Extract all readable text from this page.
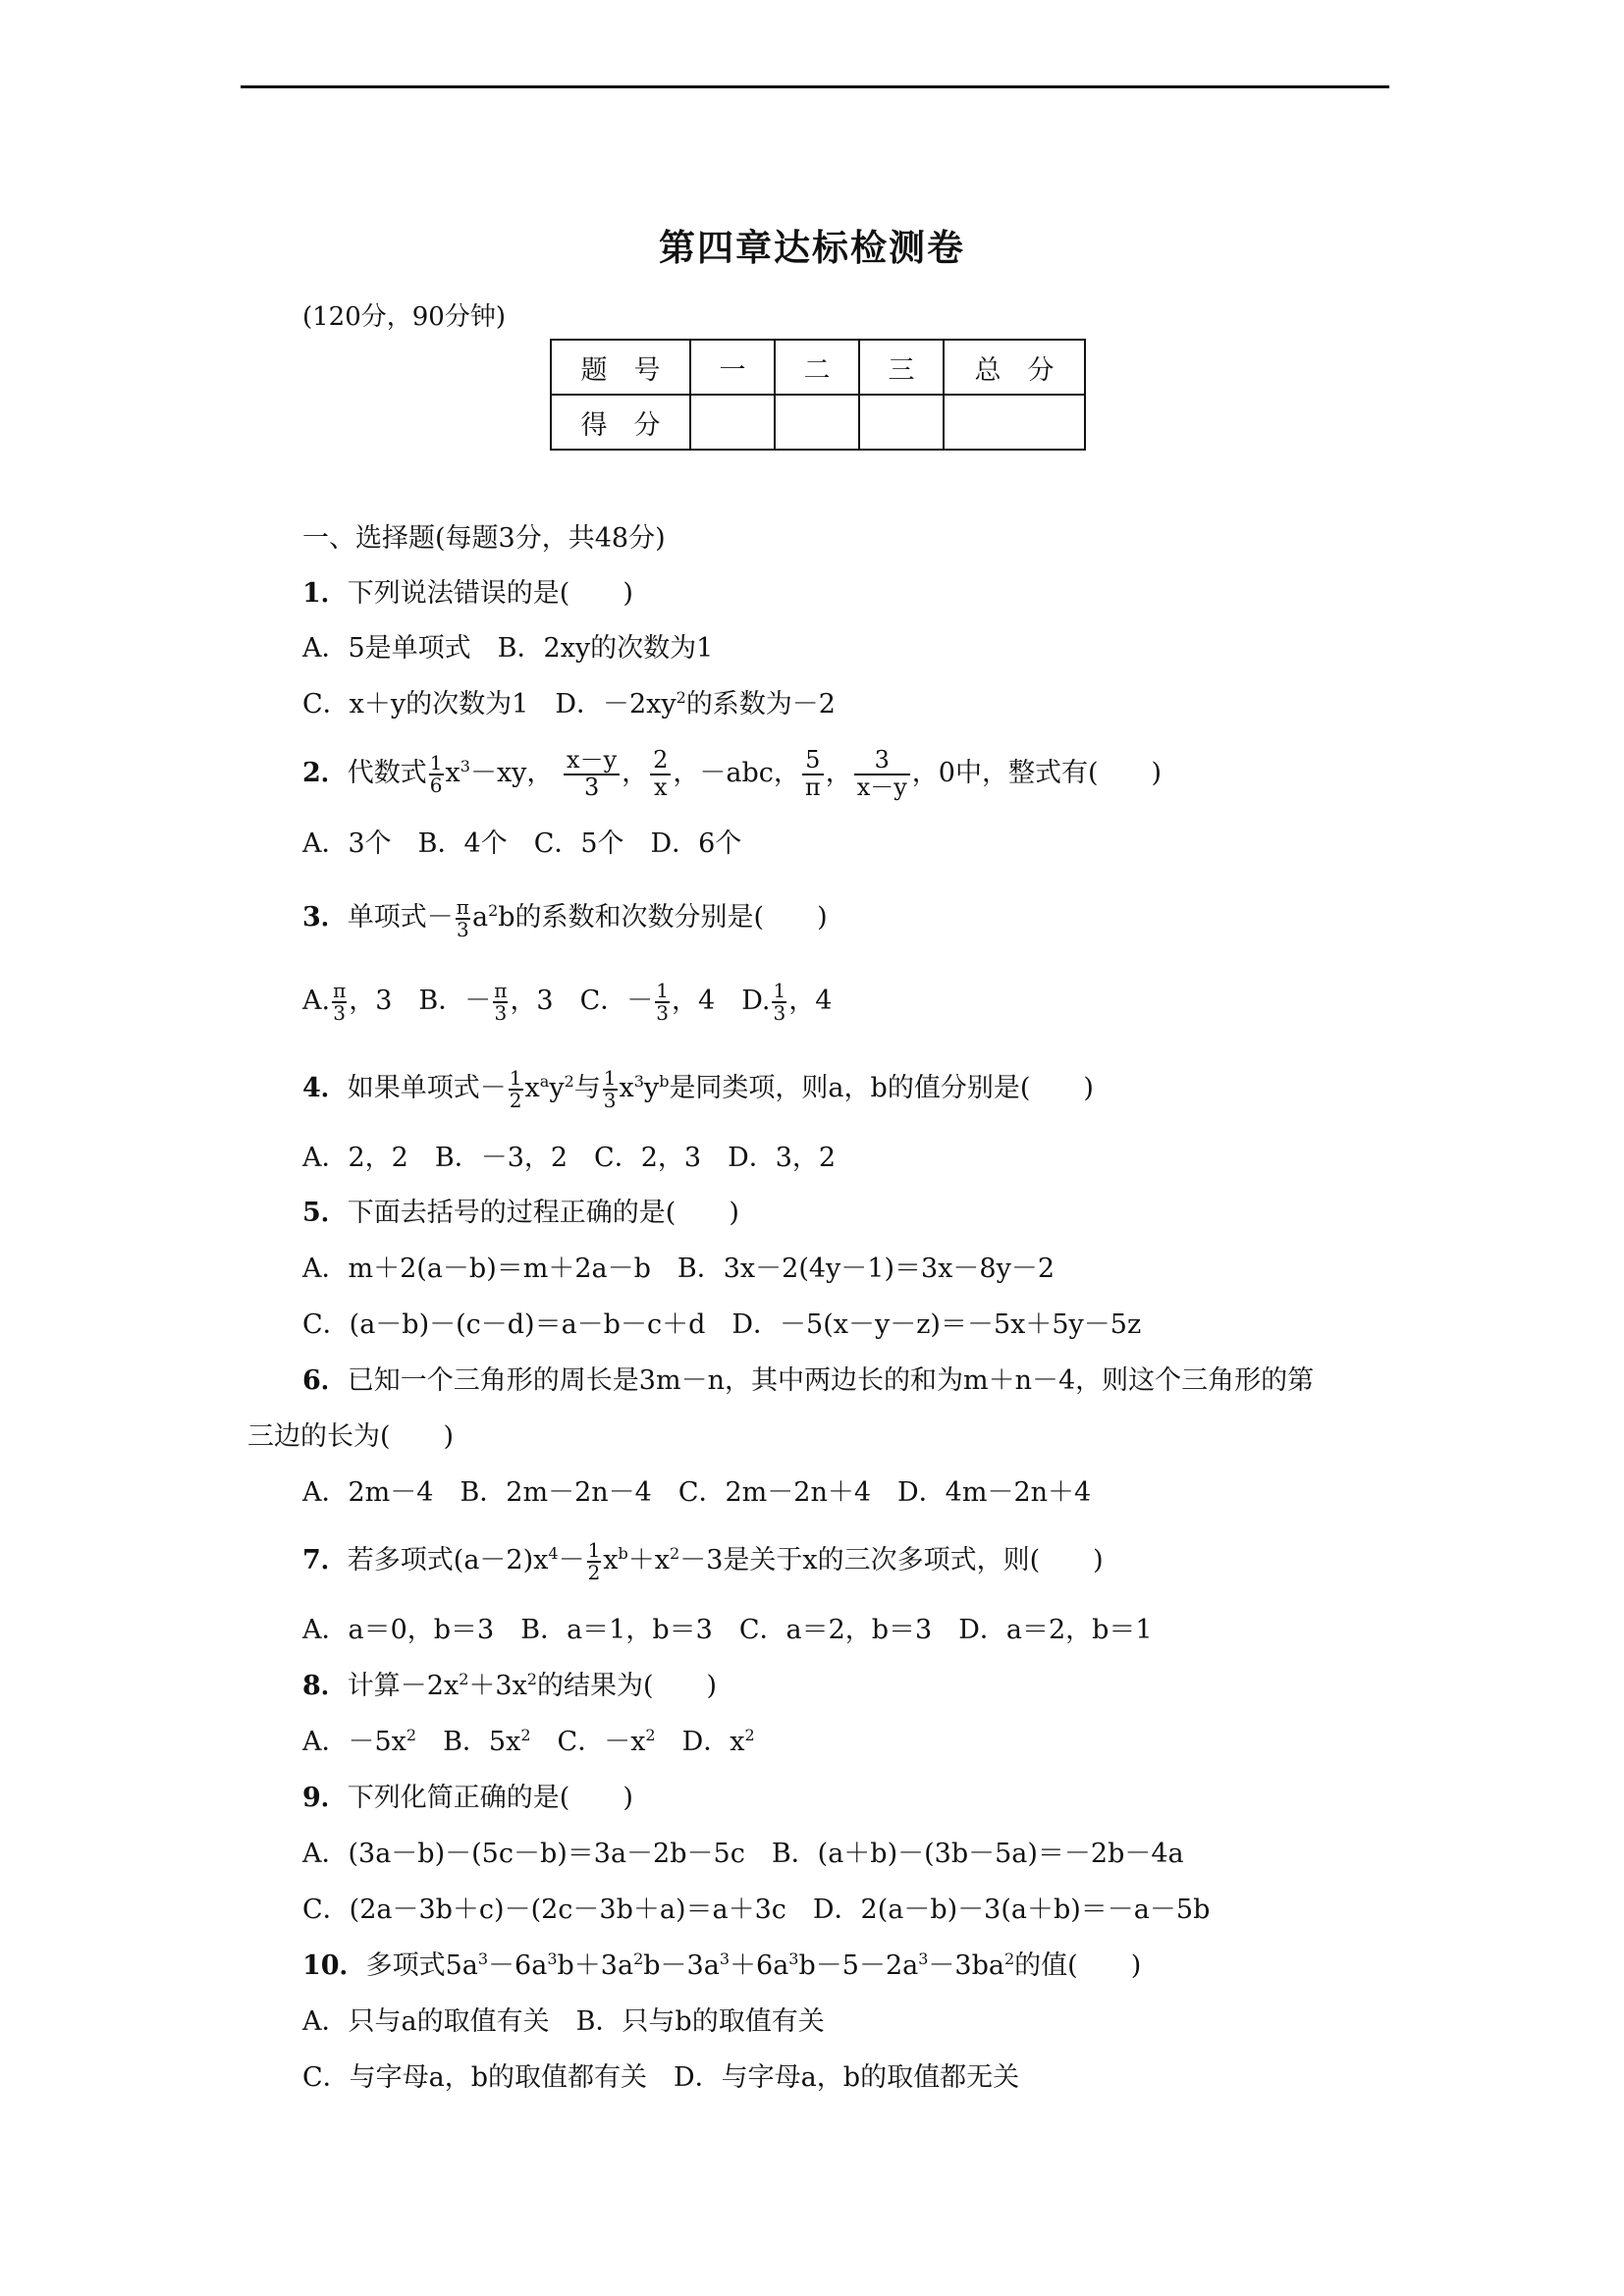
第四章达标检测卷
(120分，90分钟)
题　号	一	二	三	总　分
得　分				
一、选择题(每题3分，共48分)
1．下列说法错误的是(　　)
A．5是单项式　B．2xy的次数为1
C．x＋y的次数为1　D．$-2xy^2$的系数为－2
2．代数式 $\frac{1}{6} x^3-xy$， $\frac{x-y}{3}$ ， $\frac{2}{x}$ ，－abc， $\frac{5}{\pi}$ ， $\frac{3}{x-y}$ ，0中，整式有(　　)
A．3个　B．4个　C．5个　D．6个
3．单项式－ $\frac{\pi}{3} a^2b$的系数和次数分别是(　　)
A. $\frac{\pi}{3}$ ，3　B．－ $\frac{\pi}{3}$ ，3　C．－ $\frac{1}{3}$ ，4　D. $\frac{1}{3}$ ，4
4．如果单项式－ $\frac{1}{2} x^ay^2$与 $\frac{1}{3} x^3y^b$是同类项，则a，b的值分别是(　　)
A．2，2　B．－3，2　C．2，3　D．3，2
5．下面去括号的过程正确的是(　　)
A．m＋2(a－b)＝m＋2a－b　B．3x－2(4y－1)＝3x－8y－2
C．(a－b)－(c－d)＝a－b－c＋d　D．－5(x－y－z)＝－5x＋5y－5z
6．已知一个三角形的周长是3m－n，其中两边长的和为m＋n－4，则这个三角形的第
三边的长为(　　)
A．2m－4　B．2m－2n－4　C．2m－2n＋4　D．4m－2n＋4
7．若多项式$(a-2)x^4- \frac{1}{2} x^b+x^2-3$是关于x的三次多项式，则(　　)
A．a＝0，b＝3　B．a＝1，b＝3　C．a＝2，b＝3　D．a＝2，b＝1
8．计算$-2x^2+3x^2$的结果为(　　)
A．$-5x^2$　B．$5x^2$　C．$-x^2$　D．$x^2$
9．下列化简正确的是(　　)
A．(3a－b)－(5c－b)＝3a－2b－5c　B．(a＋b)－(3b－5a)＝－2b－4a
C．(2a－3b＋c)－(2c－3b＋a)＝a＋3c　D．2(a－b)－3(a＋b)＝－a－5b
10．多项式$5a^3-6a^3b+3a^2b-3a^3+6a^3b-5-2a^3-3ba^2$的值(　　)
A．只与a的取值有关　B．只与b的取值有关
C．与字母a，b的取值都有关　D．与字母a，b的取值都无关
